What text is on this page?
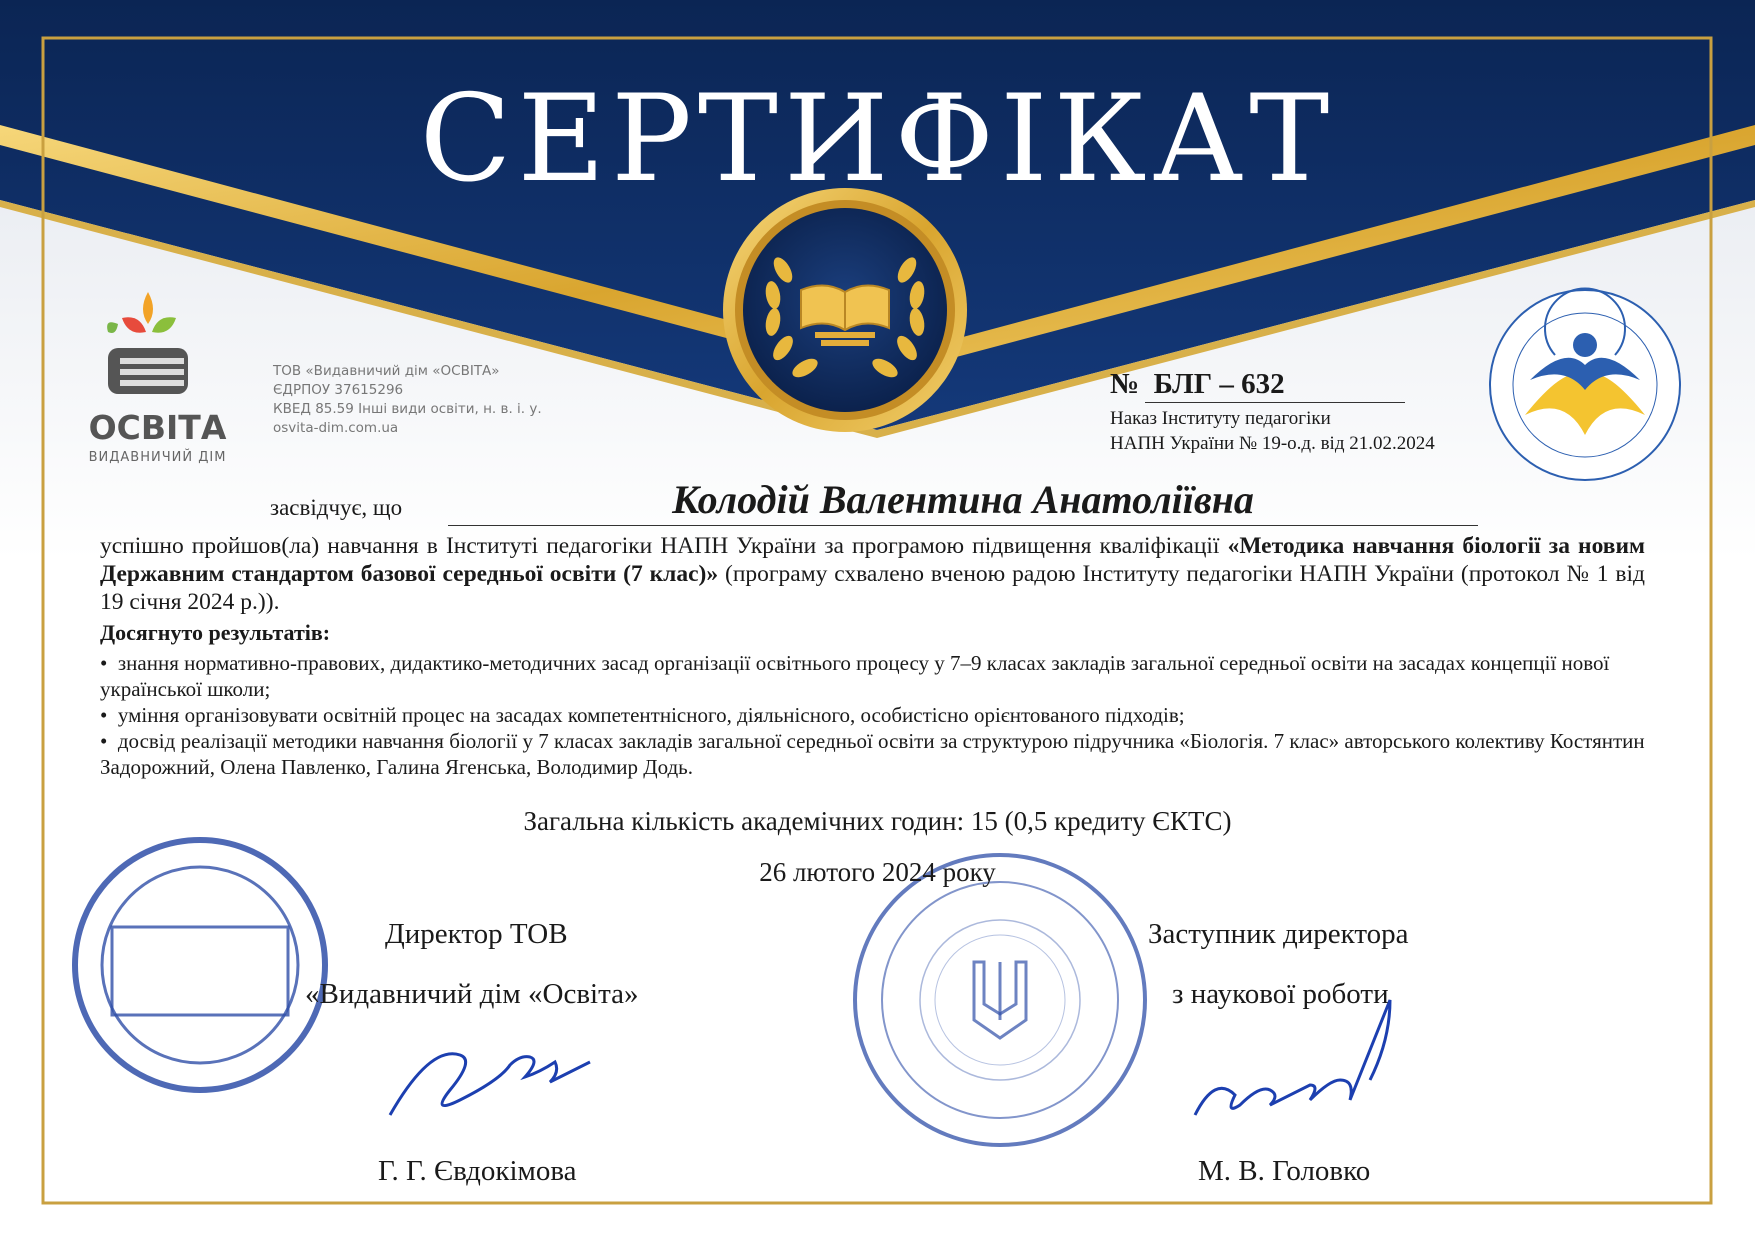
СЕРТИФІКАТ
ОСВІТА
ВИДАВНИЧИЙ ДІМ
ТОВ «Видавничий дім «ОСВІТА»
ЄДРПОУ 37615296
КВЕД 85.59 Інші види освіти, н. в. і. у.
osvita-dim.com.ua
№ БЛГ – 632
Наказ Інституту педагогіки
НАПН України № 19-о.д. від 21.02.2024
засвідчує, що	Колодій Валентина Анатоліївна
успішно пройшов(ла) навчання в Інституті педагогіки НАПН України за програмою підвищення кваліфікації «Методика навчання біології за новим Державним стандартом базової середньої освіти (7 клас)» (програму схвалено вченою радою Інституту педагогіки НАПН України (протокол № 1 від 19 січня 2024 р.)).
Досягнуто результатів:
•  знання нормативно-правових, дидактико-методичних засад організації освітнього процесу у 7–9 класах закладів загальної середньої освіти на засадах концепції нової української школи;
•  уміння організовувати освітній процес на засадах компетентнісного, діяльнісного, особистісно орієнтованого підходів;
•  досвід реалізації методики навчання біології у 7 класах закладів загальної середньої освіти за структурою підручника «Біологія. 7 клас» авторського колективу Костянтин Задорожний, Олена Павленко, Галина Ягенська, Володимир Додь.
Загальна кількість академічних годин: 15 (0,5 кредиту ЄКТС)
26 лютого 2024 року
Директор ТОВ
«Видавничий дім «Освіта»
Г. Г. Євдокімова
Заступник директора
з наукової роботи
М. В. Головко
